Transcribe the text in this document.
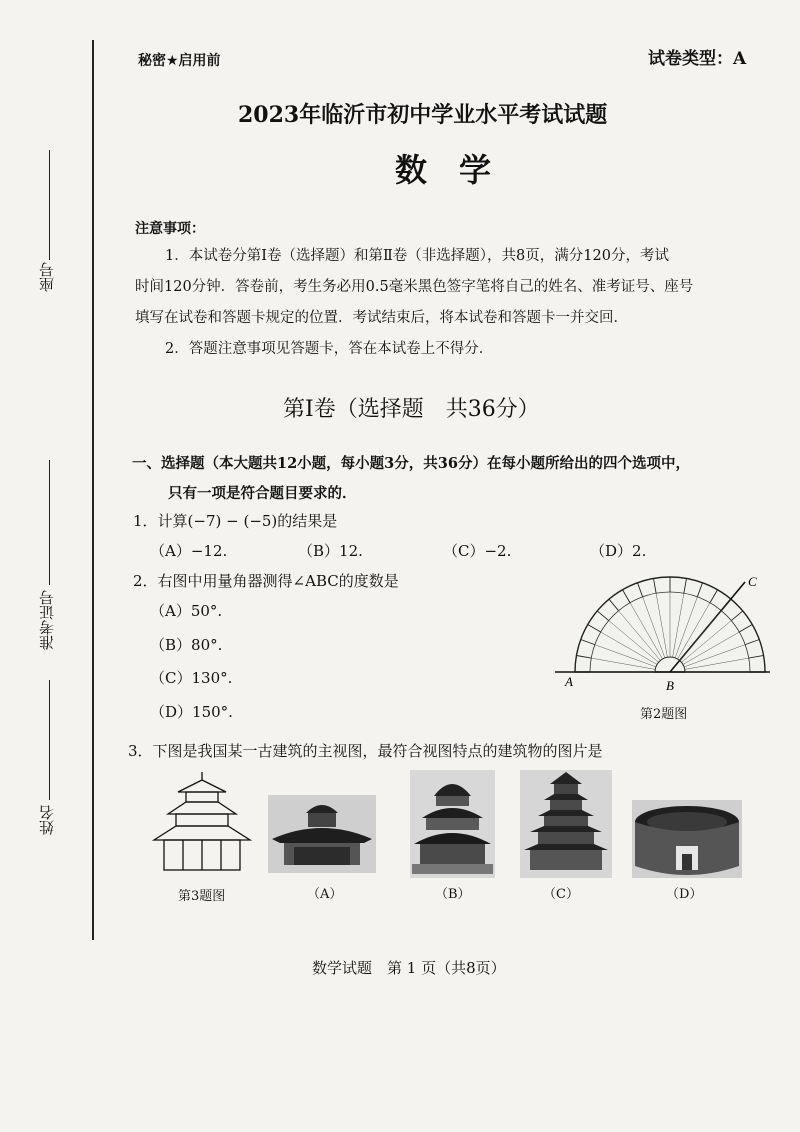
座号
准考证号
姓名
秘密★启用前	试卷类型：A
2023年临沂市初中学业水平考试试题
数　学
注意事项：
1．本试卷分第Ⅰ卷（选择题）和第Ⅱ卷（非选择题），共8页，满分120分，考试
时间120分钟．答卷前，考生务必用0.5毫米黑色签字笔将自己的姓名、准考证号、座号
填写在试卷和答题卡规定的位置．考试结束后，将本试卷和答题卡一并交回．
2．答题注意事项见答题卡，答在本试卷上不得分．
第Ⅰ卷（选择题　共36分）
一、选择题（本大题共12小题，每小题3分，共36分）在每小题所给出的四个选项中，
只有一项是符合题目要求的．
1．计算(−7) − (−5)的结果是
（A）−12.	（B）12.	（C）−2.	（D）2.
2．右图中用量角器测得∠ABC的度数是
（A）50°.
（B）80°.
（C）130°.
（D）150°.
A	B
C
第2题图
3．下图是我国某一古建筑的主视图，最符合视图特点的建筑物的图片是
第3题图	（A）	（B）	（C）	（D）
数学试题　第 1 页（共8页）
